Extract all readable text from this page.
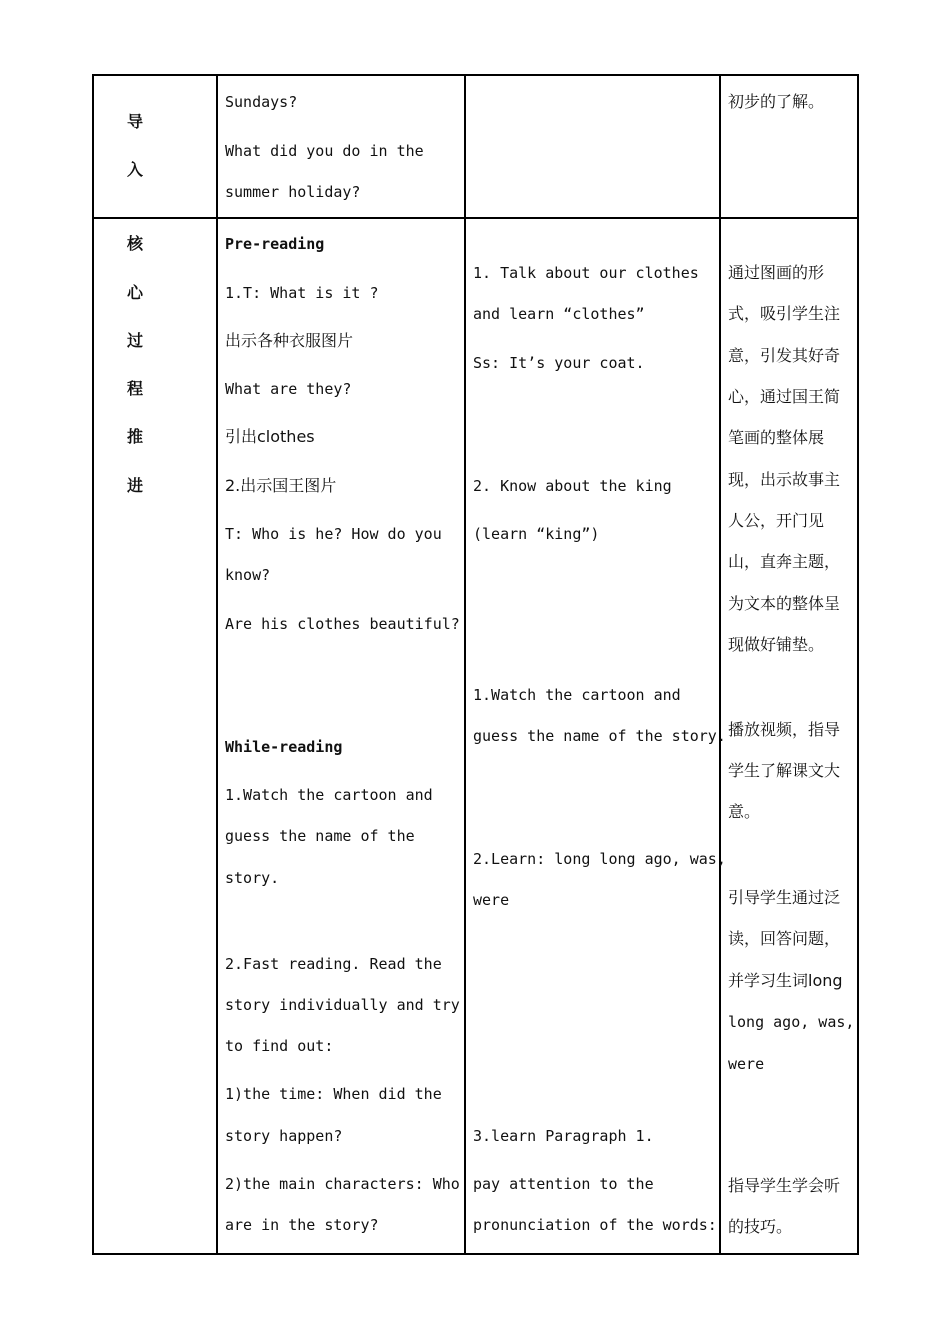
导
入
Sundays?
What did you do in the
summer holiday?
初步的了解。
核
心
过
程
推
进
Pre-reading
1.T: What is it ?
出示各种衣服图片
What are they?
引出clothes
2.出示国王图片
T: Who is he? How do you
know?
Are his clothes beautiful?
While-reading
1.Watch the cartoon and
guess the name of the
story.
2.Fast reading. Read the
story individually and try
to find out:
1)the time: When did the
story happen?
2)the main characters: Who
are in the story?
1. Talk about our clothes
and learn “clothes”
Ss: It’s your coat.
2. Know about the king
(learn “king”)
1.Watch the cartoon and
guess the name of the story.
2.Learn: long long ago, was,
were
3.learn Paragraph 1.
pay attention to the
pronunciation of the words:
通过图画的形
式，吸引学生注
意，引发其好奇
心，通过国王简
笔画的整体展
现，出示故事主
人公，开门见
山，直奔主题，
为文本的整体呈
现做好铺垫。
播放视频，指导
学生了解课文大
意。
引导学生通过泛
读，回答问题，
并学习生词long
long ago, was,
were
指导学生学会听
的技巧。
